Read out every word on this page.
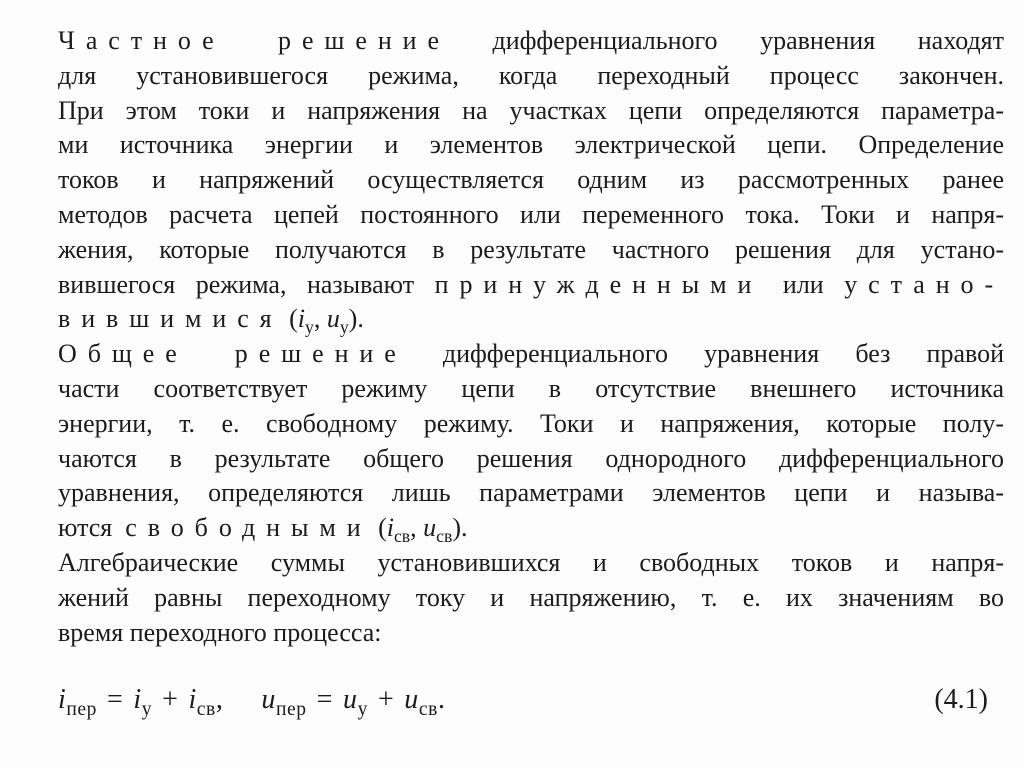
Частное решение дифференциального уравнения находят
для установившегося режима, когда переходный процесс закончен.
При этом токи и напряжения на участках цепи определяются параметра-
ми источника энергии и элементов электрической цепи. Определение
токов и напряжений осуществляется одним из рассмотренных ранее
методов расчета цепей постоянного или переменного тока. Токи и напря-
жения, которые получаются в результате частного решения для устано-
вившегося режима, называют принужденными или устано-
вившимися ($i_у$, $u_у$).
Общее решение дифференциального уравнения без правой
части соответствует режиму цепи в отсутствие внешнего источника
энергии, т. е. свободному режиму. Токи и напряжения, которые полу-
чаются в результате общего решения однородного дифференциального
уравнения, определяются лишь параметрами элементов цепи и называ-
ются свободными ($i_{св}$, $u_{св}$).
Алгебраические суммы установившихся и свободных токов и напря-
жений равны переходному току и напряжению, т. е. их значениям во
время переходного процесса:
$i_{пер} = i_у + i_{св}$, $u_{пер} = u_у + u_{св}$.	(4.1)
